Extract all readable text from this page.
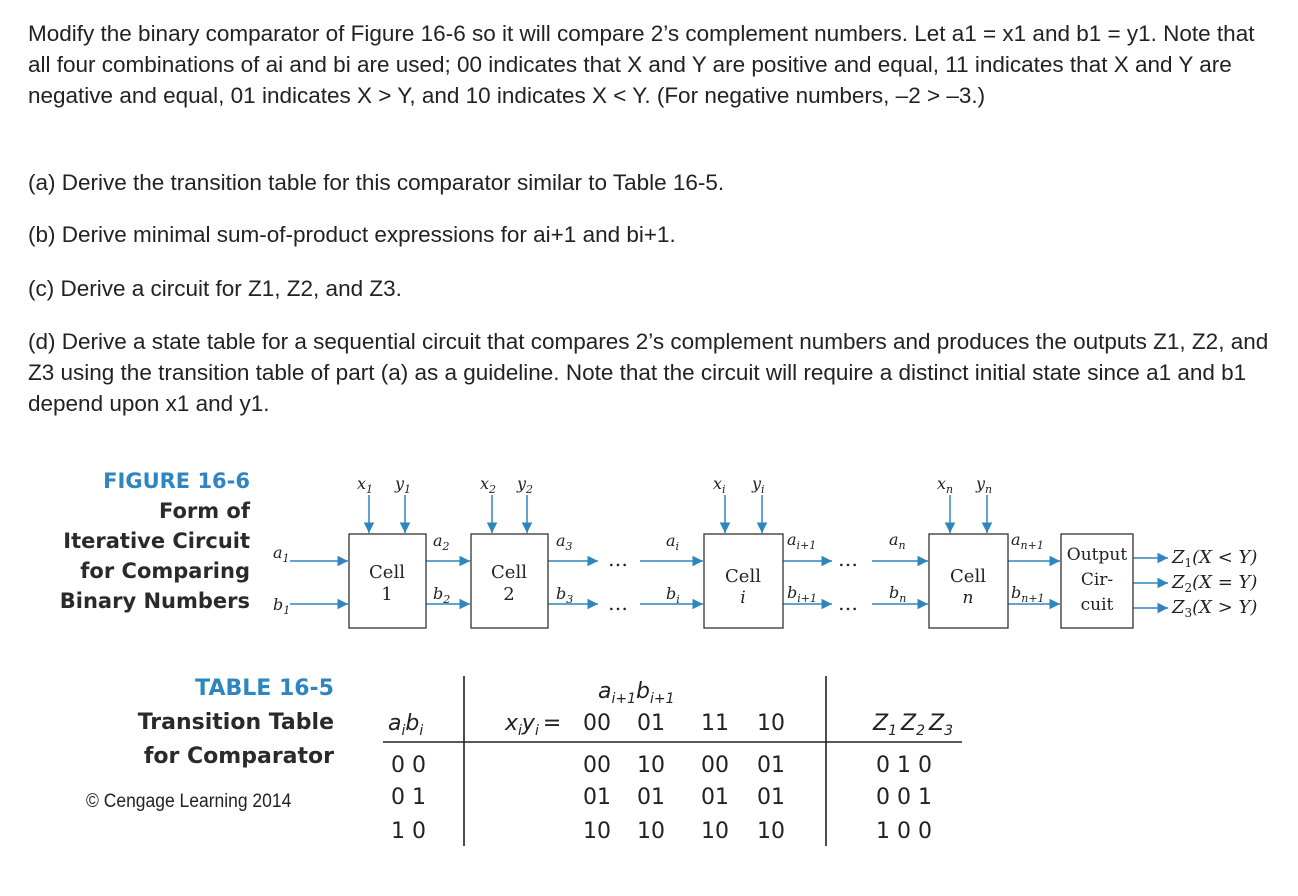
Modify the binary comparator of Figure 16-6 so it will compare 2’s complement numbers. Let a1 = x1 and b1 = y1. Note that all four combinations of ai and bi are used; 00 indicates that X and Y are positive and equal, 11 indicates that X and Y are negative and equal, 01 indicates X > Y, and 10 indicates X < Y. (For negative numbers, –2 > –3.)

(a) Derive the transition table for this comparator similar to Table 16-5.

(b) Derive minimal sum-of-product expressions for ai+1 and bi+1.

(c) Derive a circuit for Z1, Z2, and Z3.

(d) Derive a state table for a sequential circuit that compares 2’s complement numbers and produces the outputs Z1, Z2, and Z3 using the transition table of part (a) as a guideline. Note that the circuit will require a distinct initial state since a1 and b1 depend upon x1 and y1.

FIGURE 16-6
Form of
Iterative Circuit
for Comparing
Binary Numbers
Cell
1
Cell
2
Cell
i
Cell
n
Output
Cir-
cuit
$x_1$ $y_1$	$x_2$ $y_2$	$x_i$ $y_i$	$x_n$ $y_n$
$a_1$
$b_1$
$a_2$
$b_2$
$a_3$
$b_3$
$a_i$
$b_i$
$a_{i+1}$
$b_{i+1}$
$a_n$
$b_n$
$a_{n+1}$
$b_{n+1}$
…
…
…
…
$Z_1(X < Y)$
$Z_2(X = Y)$
$Z_3(X > Y)$
TABLE 16-5
Transition Table
for Comparator
© Cengage Learning 2014
$a_{i+1}b_{i+1}$
$a_ib_i$	$x_iy_i = 00$ 01 11 10	$Z_1$ $Z_2$ $Z_3$
0 0	00 10 00 01	0 1 0
0 1	01 01 01 01	0 0 1
1 0	10 10 10 10	1 0 0
